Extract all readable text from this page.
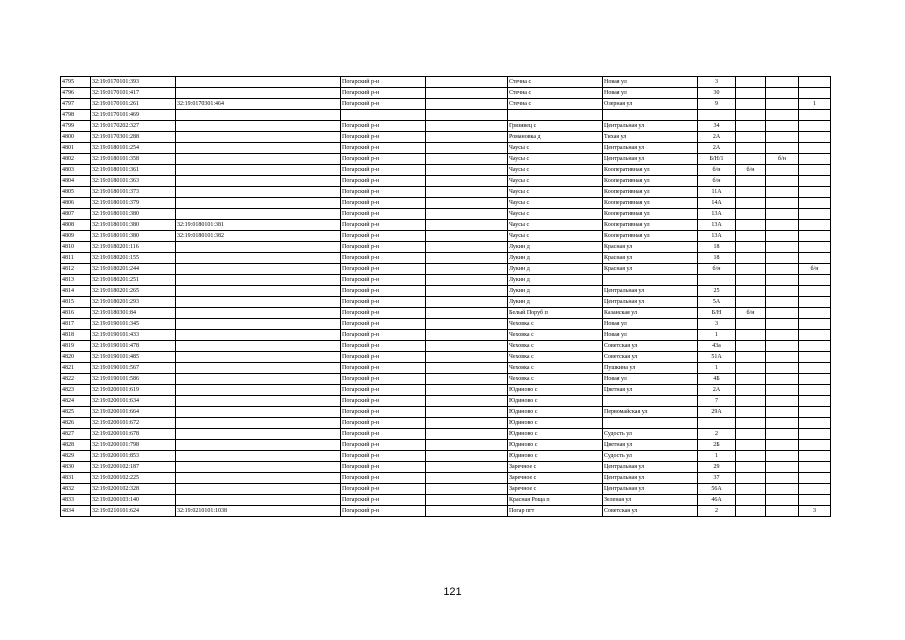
4795	32:19:0170101:393		Погарский р-н		Стечна с	Новая ул	3			
4796	32:19:0170101:417		Погарский р-н		Стечна с	Новая ул	30			
4797	32:19:0170101:261	32:19:0170301:464	Погарский р-н		Стечна с	Озерная ул	9			1
4798	32:19:0170101:469									
4799	32:19:0170202:327		Погарский р-н		Грязивец с	Центральная ул	34			
4800	32:19:0170301:288		Погарский р-н		Романовка д	Тихая ул	2А			
4801	32:19:0180101:254		Погарский р-н		Чаусы с	Центральная ул	2А			
4802	32:19:0180101:358		Погарский р-н		Чаусы с	Центральная ул	Б/Н/1		б/н	
4803	32:19:0180101:361		Погарский р-н		Чаусы с	Кооперативная ул	б/н	б/н		
4804	32:19:0180101:363		Погарский р-н		Чаусы с	Кооперативная ул	б/н			
4805	32:19:0180101:373		Погарский р-н		Чаусы с	Кооперативная ул	11А			
4806	32:19:0180101:379		Погарский р-н		Чаусы с	Кооперативная ул	14А			
4807	32:19:0180101:380		Погарский р-н		Чаусы с	Кооперативная ул	13А			
4808	32:19:0180101:380	32:19:0180101:381	Погарский р-н		Чаусы с	Кооперативная ул	13А			
4809	32:19:0180101:380	32:19:0180101:382	Погарский р-н		Чаусы с	Кооперативная ул	13А			
4810	32:19:0180201:116		Погарский р-н		Лукин д	Красная ул	18			
4811	32:19:0180201:155		Погарский р-н		Лукин д	Красная ул	18			
4812	32:19:0180201:244		Погарский р-н		Лукин д	Красная ул	б/н			б/н
4813	32:19:0180201:251		Погарский р-н		Лукин д					
4814	32:19:0180201:265		Погарский р-н		Лукин д	Центральная ул	25			
4815	32:19:0180201:293		Погарский р-н		Лукин д	Центральная ул	5А			
4816	32:19:0180301:84		Погарский р-н		Белый Поруб п	Казанская ул	Б/Н	б/н		
4817	32:19:0190101:345		Погарский р-н		Чеховка с	Новая ул	3			
4818	32:19:0190101:433		Погарский р-н		Чеховка с	Новая ул	1			
4819	32:19:0190101:478		Погарский р-н		Чеховка с	Советская ул	43а			
4820	32:19:0190101:485		Погарский р-н		Чеховка с	Советская ул	51А			
4821	32:19:0190101:567		Погарский р-н		Чеховка с	Пушкина ул	1			
4822	32:19:0190101:586		Погарский р-н		Чеховка с	Новая ул	4Б			
4823	32:19:0200101:619		Погарский р-н		Юдиново с	Цветная ул	2А			
4824	32:19:0200101:634		Погарский р-н		Юдиново с		7			
4825	32:19:0200101:664		Погарский р-н		Юдиново с	Первомайская ул	29А			
4826	32:19:0200101:672		Погарский р-н		Юдиново с					
4827	32:19:0200101:678		Погарский р-н		Юдиново с	Судость ул	2			
4828	32:19:0200101:798		Погарский р-н		Юдиново с	Цветная ул	2Б			
4829	32:19:0200101:853		Погарский р-н		Юдиново с	Судость ул	1			
4830	32:19:0200102:187		Погарский р-н		Заречное с	Центральная ул	29			
4831	32:19:0200102:225		Погарский р-н		Заречное с	Центральная ул	37			
4832	32:19:0200102:328		Погарский р-н		Заречное с	Центральная ул	56А			
4833	32:19:0200103:140		Погарский р-н		Красная Роща п	Зеленая ул	46А			
4834	32:19:0210101:624	32:19:0210101:1038	Погарский р-н		Погар пгт	Советская ул	2			3
121
